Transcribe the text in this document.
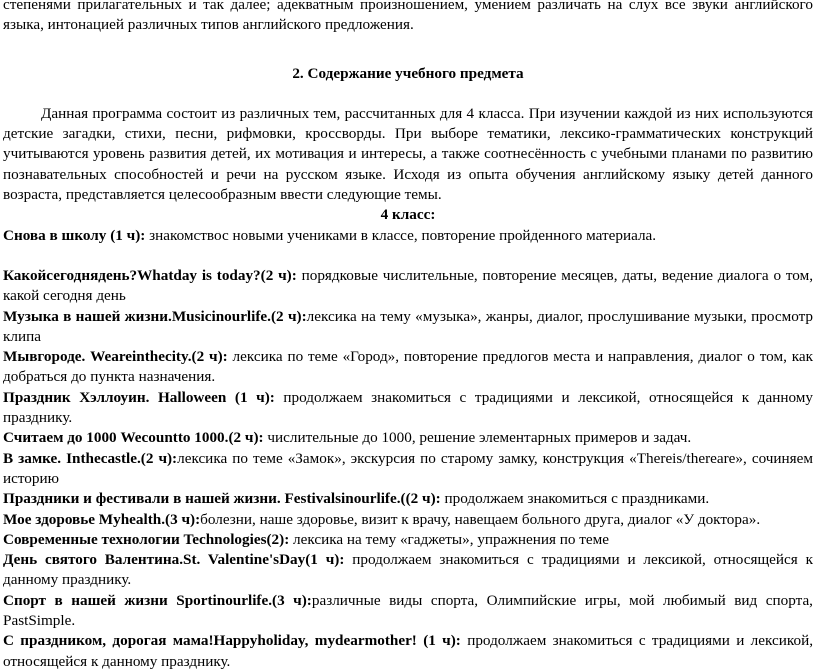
степенями прилагательных и так далее; адекватным произношением, умением различать на слух все звуки английского языка, интонацией различных типов английского предложения.

2. Содержание учебного предмета

Данная программа состоит из различных тем, рассчитанных для 4 класса. При изучении каждой из них используются детские загадки, стихи, песни, рифмовки, кроссворды. При выборе тематики, лексико-грамматических конструкций учитываются уровень развития детей, их мотивация и интересы, а также соотнесённость с учебными планами по развитию познавательных способностей и речи на русском языке. Исходя из опыта обучения английскому языку детей данного возраста, представляется целесообразным ввести следующие темы.

4 класс:

Снова в школу (1 ч): знакомствос новыми учениками в классе, повторение пройденного материала.

Какойсегоднядень?Whatday is today?(2 ч): порядковые числительные, повторение месяцев, даты, ведение диалога о том, какой сегодня день

Музыка в нашей жизни.Musicinourlife.(2 ч):лексика на тему «музыка», жанры, диалог, прослушивание музыки, просмотр клипа

Мывгороде. Weareinthecity.(2 ч): лексика по теме «Город», повторение предлогов места и направления, диалог о том, как добраться до пункта назначения.

Праздник Хэллоуин. Halloween (1 ч): продолжаем знакомиться с традициями и лексикой, относящейся к данному празднику.

Считаем до 1000 Wecountto 1000.(2 ч): числительные до 1000, решение элементарных примеров и задач.

В замке. Inthecastle.(2 ч):лексика по теме «Замок», экскурсия по старому замку, конструкция «Thereis/thereare», сочиняем историю

Праздники и фестивали в нашей жизни. Festivalsinourlife.((2 ч): продолжаем знакомиться с праздниками.

Мое здоровье Myhealth.(3 ч):болезни, наше здоровье, визит к врачу, навещаем больного друга, диалог «У доктора».

Современные технологии Technologies(2): лексика на тему «гаджеты», упражнения по теме

День святого Валентина.St. Valentine'sDay(1 ч): продолжаем знакомиться с традициями и лексикой, относящейся к данному празднику.

Спорт в нашей жизни Sportinourlife.(3 ч):различные виды спорта, Олимпийские игры, мой любимый вид спорта, PastSimple.

С праздником, дорогая мама!Happyholiday, mydearmother! (1 ч): продолжаем знакомиться с традициями и лексикой, относящейся к данному празднику.
